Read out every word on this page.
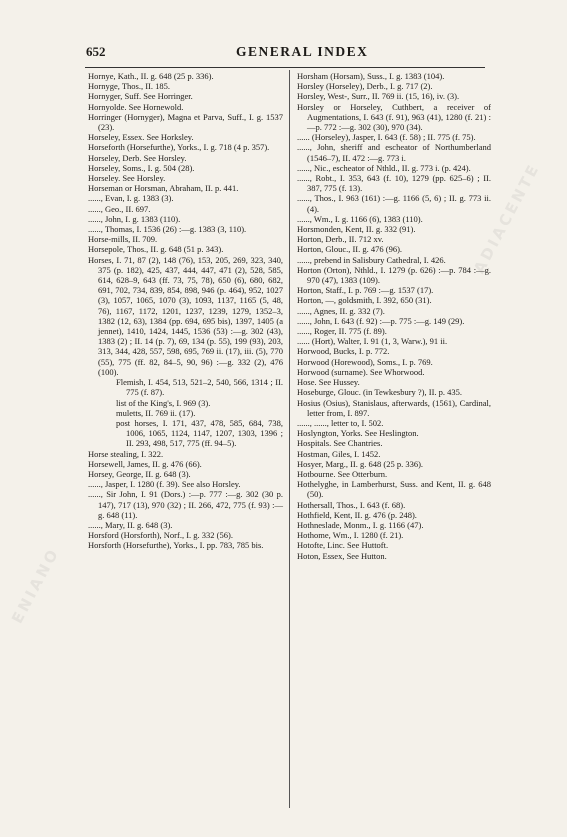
ENIANO
ADIACENTE
652	GENERAL INDEX
Hornye, Kath., II. g. 648 (25 p. 336).
Hornyge, Thos., II. 185.
Hornyger, Suff. See Horringer.
Hornyolde. See Hornewold.
Horringer (Hornyger), Magna et Parva, Suff., I. g. 1537 (23).
Horseley, Essex. See Horksley.
Horseforth (Horsefurthe), Yorks., I. g. 718 (4 p. 357).
Horseley, Derb. See Horsley.
Horseley, Soms., I. g. 504 (28).
Horseley. See Horsley.
Horseman or Horsman, Abraham, II. p. 441.
......, Evan, I. g. 1383 (3).
......, Geo., II. 697.
......, John, I. g. 1383 (110).
......, Thomas, I. 1536 (26) :—g. 1383 (3, 110).
Horse-mills, II. 709.
Horsepole, Thos., II. g. 648 (51 p. 343).
Horses, I. 71, 87 (2), 148 (76), 153, 205, 269, 323, 340, 375 (p. 182), 425, 437, 444, 447, 471 (2), 528, 585, 614, 628–9, 643 (ff. 73, 75, 78), 650 (6), 680, 682, 691, 702, 734, 839, 854, 898, 946 (p. 464), 952, 1027 (3), 1057, 1065, 1070 (3), 1093, 1137, 1165 (5, 48, 76), 1167, 1172, 1201, 1237, 1239, 1279, 1352–3, 1382 (12, 63), 1384 (pp. 694, 695 bis), 1397, 1405 (a jennet), 1410, 1424, 1445, 1536 (53) :—g. 302 (43), 1383 (2) ; II. 14 (p. 7), 69, 134 (p. 55), 199 (93), 203, 313, 344, 428, 557, 598, 695, 769 ii. (17), iii. (5), 770 (55), 775 (ff. 82, 84–5, 90, 96) :—g. 332 (2), 476 (100).
Flemish, I. 454, 513, 521–2, 540, 566, 1314 ; II. 775 (f. 87).
list of the King's, I. 969 (3).
muletts, II. 769 ii. (17).
post horses, I. 171, 437, 478, 585, 684, 738, 1006, 1065, 1124, 1147, 1207, 1303, 1396 ; II. 293, 498, 517, 775 (ff. 94–5).
Horse stealing, I. 322.
Horsewell, James, II. g. 476 (66).
Horsey, George, II. g. 648 (3).
......, Jasper, I. 1280 (f. 39). See also Horsley.
......, Sir John, I. 91 (Dors.) :—p. 777 :—g. 302 (30 p. 147), 717 (13), 970 (32) ; II. 266, 472, 775 (f. 93) :—g. 648 (11).
......, Mary, II. g. 648 (3).
Horsford (Horsforth), Norf., I. g. 332 (56).
Horsforth (Horsefurthe), Yorks., I. pp. 783, 785 bis.
Horsham (Horsam), Suss., I. g. 1383 (104).
Horsley (Horseley), Derb., I. g. 717 (2).
Horsley, West-, Surr., II. 769 ii. (15, 16), iv. (3).
Horsley or Horseley, Cuthbert, a receiver of Augmentations, I. 643 (f. 91), 963 (41), 1280 (f. 21) :—p. 772 :—g. 302 (30), 970 (34).
...... (Horseley), Jasper, I. 643 (f. 58) ; II. 775 (f. 75).
......, John, sheriff and escheator of Northumberland (1546–7), II. 472 :—g. 773 i.
......, Nic., escheator of Nthld., II. g. 773 i. (p. 424).
......, Robt., I. 353, 643 (f. 10), 1279 (pp. 625–6) ; II. 387, 775 (f. 13).
......, Thos., I. 963 (161) :—g. 1166 (5, 6) ; II. g. 773 ii. (4).
......, Wm., I. g. 1166 (6), 1383 (110).
Horsmonden, Kent, II. g. 332 (91).
Horton, Derb., II. 712 xv.
Horton, Glouc., II. g. 476 (96).
......, prebend in Salisbury Cathedral, I. 426.
Horton (Orton), Nthld., I. 1279 (p. 626) :—p. 784 :—g. 970 (47), 1383 (109).
Horton, Staff., I. p. 769 :—g. 1537 (17).
Horton, —, goldsmith, I. 392, 650 (31).
......, Agnes, II. g. 332 (7).
......, John, I. 643 (f. 92) :—p. 775 :—g. 149 (29).
......, Roger, II. 775 (f. 89).
...... (Hort), Walter, I. 91 (1, 3, Warw.), 91 ii.
Horwood, Bucks, I. p. 772.
Horwood (Horewood), Soms., I. p. 769.
Horwood (surname). See Whorwood.
Hose. See Hussey.
Hoseburge, Glouc. (in Tewkesbury ?), II. p. 435.
Hosius (Osius), Stanislaus, afterwards, (1561), Cardinal, letter from, I. 897.
......, ......, letter to, I. 502.
Hoslyngton, Yorks. See Heslington.
Hospitals. See Chantries.
Hostman, Giles, I. 1452.
Hosyer, Marg., II. g. 648 (25 p. 336).
Hotbourne. See Otterburn.
Hothelyghe, in Lamberhurst, Suss. and Kent, II. g. 648 (50).
Hothersall, Thos., I. 643 (f. 68).
Hothfield, Kent, II. g. 476 (p. 248).
Hothneslade, Monm., I. g. 1166 (47).
Hothome, Wm., I. 1280 (f. 21).
Hotofte, Linc. See Huttoft.
Hoton, Essex, See Hutton.
